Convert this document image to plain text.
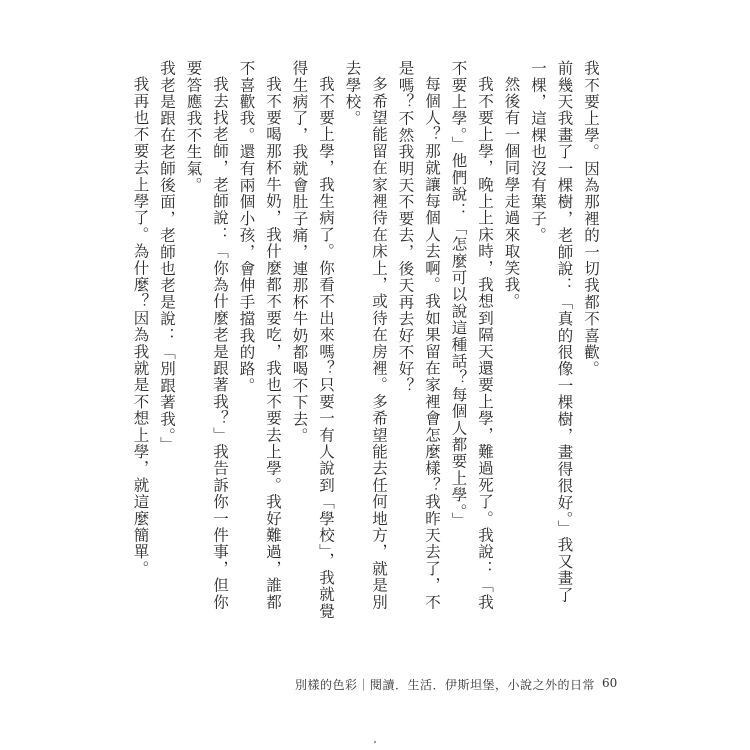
我不要上學。因為那裡的一切我都不喜歡。

前幾天我畫了一棵樹，老師說：「真的很像一棵樹，畫得很好。」我又畫了一棵，這棵也沒有葉子。

然後有一個同學走過來取笑我。

我不要上學，晚上上床時，我想到隔天還要上學，難過死了。我說：「我不要上學。」他們說：「怎麼可以說這種話？每個人都要上學。」

每個人？那就讓每個人去啊。我如果留在家裡會怎麼樣？我昨天去了，不是嗎？不然我明天不要去，後天再去好不好？

多希望能留在家裡待在床上，或待在房裡。多希望能去任何地方，就是別去學校。

我不要上學，我生病了。你看不出來嗎？只要一有人說到「學校」，我就覺得生病了，我就會肚子痛，連那杯牛奶都喝不下去。

我不要喝那杯牛奶，我什麼都不要吃，我也不要去上學。我好難過，誰都不喜歡我。還有兩個小孩，會伸手擋我的路。

我去找老師，老師說：「你為什麼老是跟著我？」我告訴你一件事，但你要答應我不生氣。

我老是跟在老師後面，老師也老是說：「別跟著我。」

我再也不要去上學了。為什麼？因為我就是不想上學，就這麼簡單。

別樣的色彩｜閱讀．生活．伊斯坦堡，小說之外的日常 60
